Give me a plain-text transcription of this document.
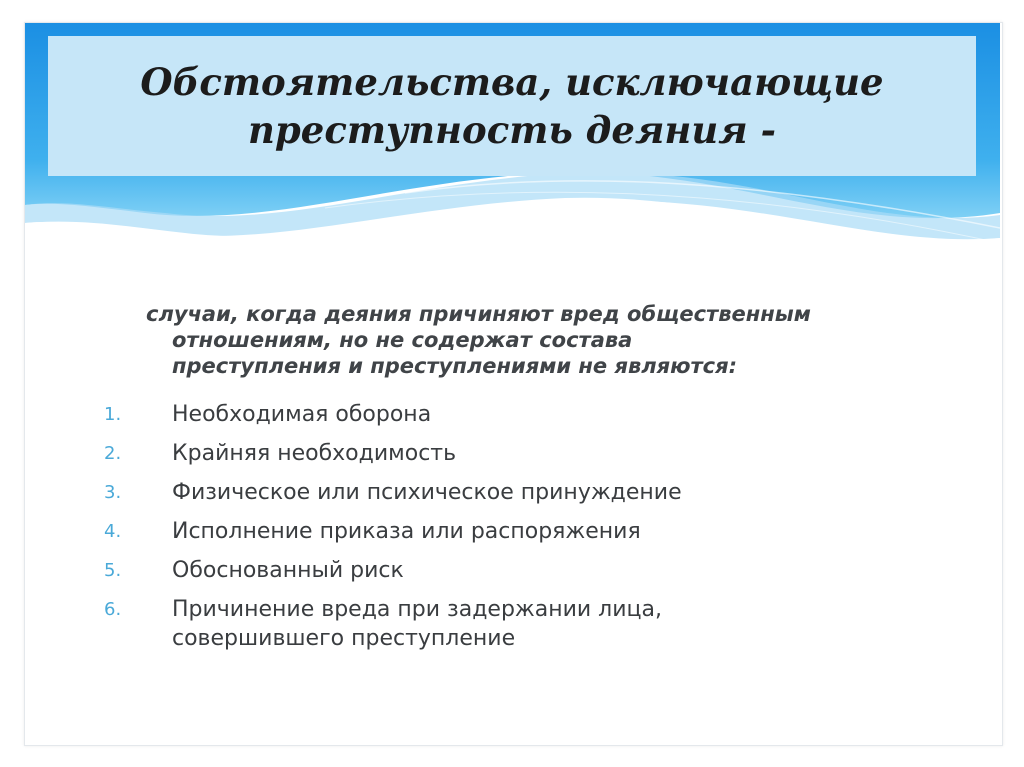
Обстоятельства, исключающие
преступность деяния -

случаи, когда деяния причиняют вред общественным
отношениям, но не содержат состава
преступления и преступлениями не являются:

1.	Необходимая оборона
2.	Крайняя необходимость
3.	Физическое или психическое принуждение
4.	Исполнение приказа или распоряжения
5.	Обоснованный риск
6.	Причинение вреда при задержании лица,
совершившего преступление
